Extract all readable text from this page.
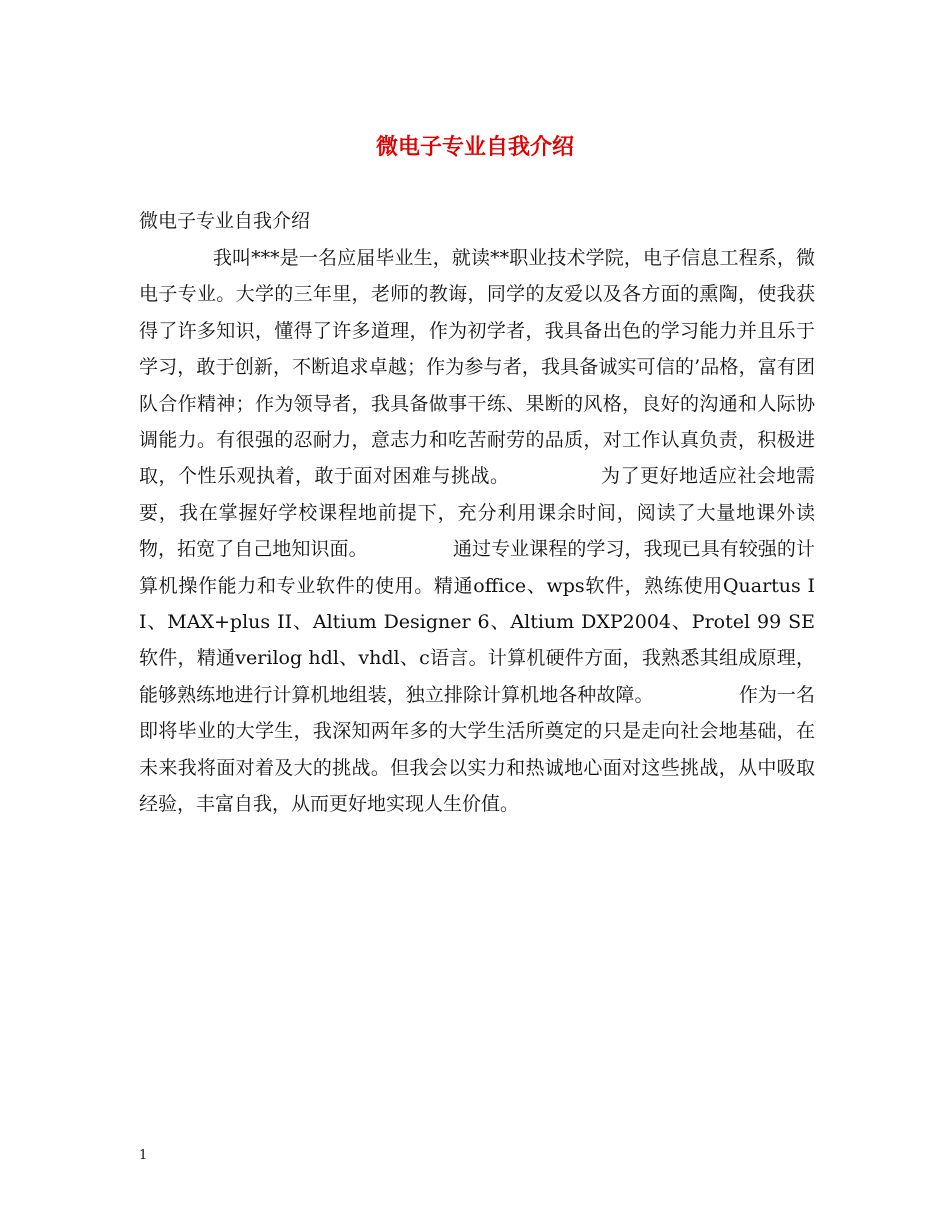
微电子专业自我介绍
微电子专业自我介绍
我叫***是一名应届毕业生，就读**职业技术学院，电子信息工程系，微电子专业。大学的三年里，老师的教诲，同学的友爱以及各方面的熏陶，使我获得了许多知识，懂得了许多道理，作为初学者，我具备出色的学习能力并且乐于学习，敢于创新，不断追求卓越；作为参与者，我具备诚实可信的’品格，富有团队合作精神；作为领导者，我具备做事干练、果断的风格，良好的沟通和人际协调能力。有很强的忍耐力，意志力和吃苦耐劳的品质，对工作认真负责，积极进取，个性乐观执着，敢于面对困难与挑战。              为了更好地适应社会地需要，我在掌握好学校课程地前提下，充分利用课余时间，阅读了大量地课外读物，拓宽了自己地知识面。              通过专业课程的学习，我现已具有较强的计算机操作能力和专业软件的使用。精通office、wps软件，熟练使用Quartus II、MAX+plus II、Altium Designer 6、Altium DXP2004、Protel 99 SE软件，精通verilog hdl、vhdl、c语言。计算机硬件方面，我熟悉其组成原理，能够熟练地进行计算机地组装，独立排除计算机地各种故障。              作为一名即将毕业的大学生，我深知两年多的大学生活所奠定的只是走向社会地基础，在未来我将面对着及大的挑战。但我会以实力和热诚地心面对这些挑战，从中吸取经验，丰富自我，从而更好地实现人生价值。
1
